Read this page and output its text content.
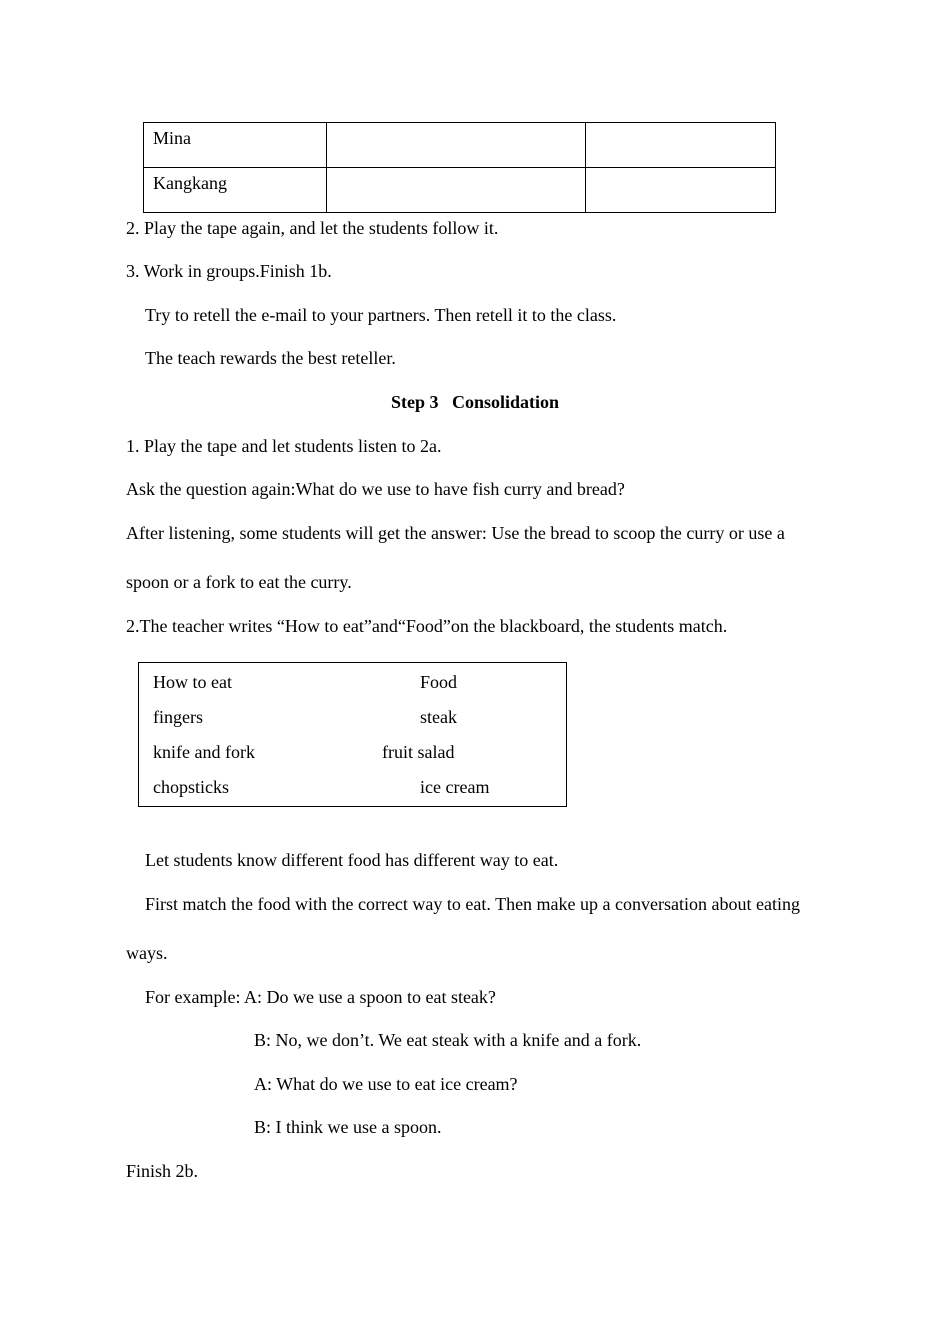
Mina		
Kangkang		
2. Play the tape again, and let the students follow it.
3. Work in groups.Finish 1b.
Try to retell the e-mail to your partners. Then retell it to the class.
The teach rewards the best reteller.
Step 3   Consolidation
1. Play the tape and let students listen to 2a.
Ask the question again:What do we use to have fish curry and bread?
After listening, some students will get the answer: Use the bread to scoop the curry or use a
spoon or a fork to eat the curry.
2.The teacher writes “How to eat”and“Food”on the blackboard, the students match.
How to eat	Food
fingers	steak
knife and fork	fruit salad
chopsticks	ice cream
Let students know different food has different way to eat.
First match the food with the correct way to eat. Then make up a conversation about eating
ways.
For example: A: Do we use a spoon to eat steak?
B: No, we don’t. We eat steak with a knife and a fork.
A: What do we use to eat ice cream?
B: I think we use a spoon.
Finish 2b.
